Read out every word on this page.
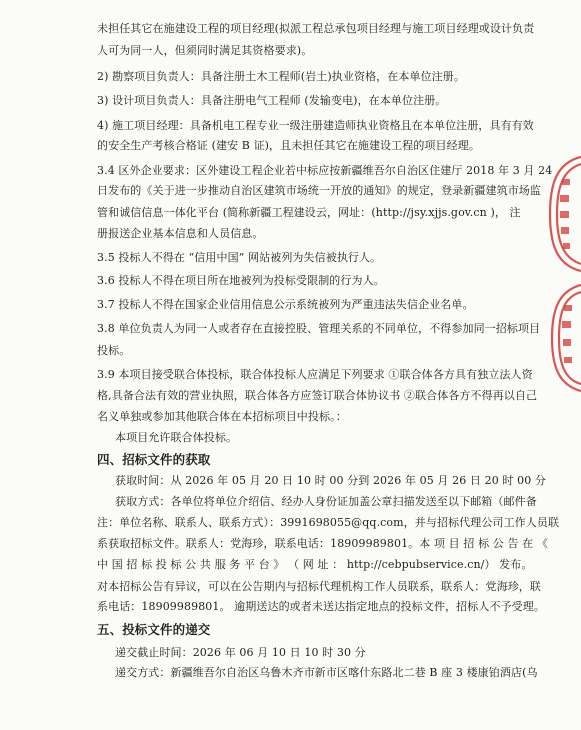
未担任其它在施建设工程的项目经理(拟派工程总承包项目经理与施工项目经理或设计负责
人可为同一人，但须同时满足其资格要求)。
2) 勘察项目负责人：具备注册土木工程师(岩土)执业资格，在本单位注册。
3) 设计项目负责人：具备注册电气工程师 (发输变电)，在本单位注册。
4) 施工项目经理：具备机电工程专业一级注册建造师执业资格且在本单位注册，具有有效
的安全生产考核合格证 (建安 B 证)，且未担任其它在施建设工程的项目经理。
3.4 区外企业要求：区外建设工程企业若中标应按新疆维吾尔自治区住建厅 2018 年 3 月 24
日发布的《关于进一步推动自治区建筑市场统一开放的通知》的规定，登录新疆建筑市场监
管和诚信信息一体化平台 (简称新疆工程建设云，网址：(http://jsy.xjjs.gov.cn )， 注
册报送企业基本信息和人员信息。
3.5 投标人不得在 “信用中国” 网站被列为失信被执行人。
3.6 投标人不得在项目所在地被列为投标受限制的行为人。
3.7 投标人不得在国家企业信用信息公示系统被列为严重违法失信企业名单。
3.8 单位负责人为同一人或者存在直接控股、管理关系的不同单位，不得参加同一招标项目
投标。
3.9 本项目接受联合体投标，联合体投标人应满足下列要求 ①联合体各方具有独立法人资
格,具备合法有效的营业执照，联合体各方应签订联合体协议书 ②联合体各方不得再以自己
名义单独或参加其他联合体在本招标项目中投标。：
本项目允许联合体投标。
四、招标文件的获取
获取时间：从 2026 年 05 月 20 日 10 时 00 分到 2026 年 05 月 26 日 20 时 00 分
获取方式：各单位将单位介绍信、经办人身份证加盖公章扫描发送至以下邮箱（邮件备
注：单位名称、联系人、联系方式）：3991698055@qq.com，并与招标代理公司工作人员联
系获取招标文件。联系人：党海珍，联系电话：18909989801。本 项 目 招 标 公 告 在 《
中 国 招 标 投 标 公 共 服 务 平 台 》 （ 网 址 ： http://cebpubservice.cn/） 发布。
对本招标公告有异议，可以在公告期内与招标代理机构工作人员联系，联系人：党海珍，联
系电话：18909989801。 逾期送达的或者未送达指定地点的投标文件，招标人不予受理。
五、投标文件的递交
递交截止时间：2026 年 06 月 10 日 10 时 30 分
递交方式：新疆维吾尔自治区乌鲁木齐市新市区喀什东路北二巷 B 座 3 楼康铂酒店(乌
